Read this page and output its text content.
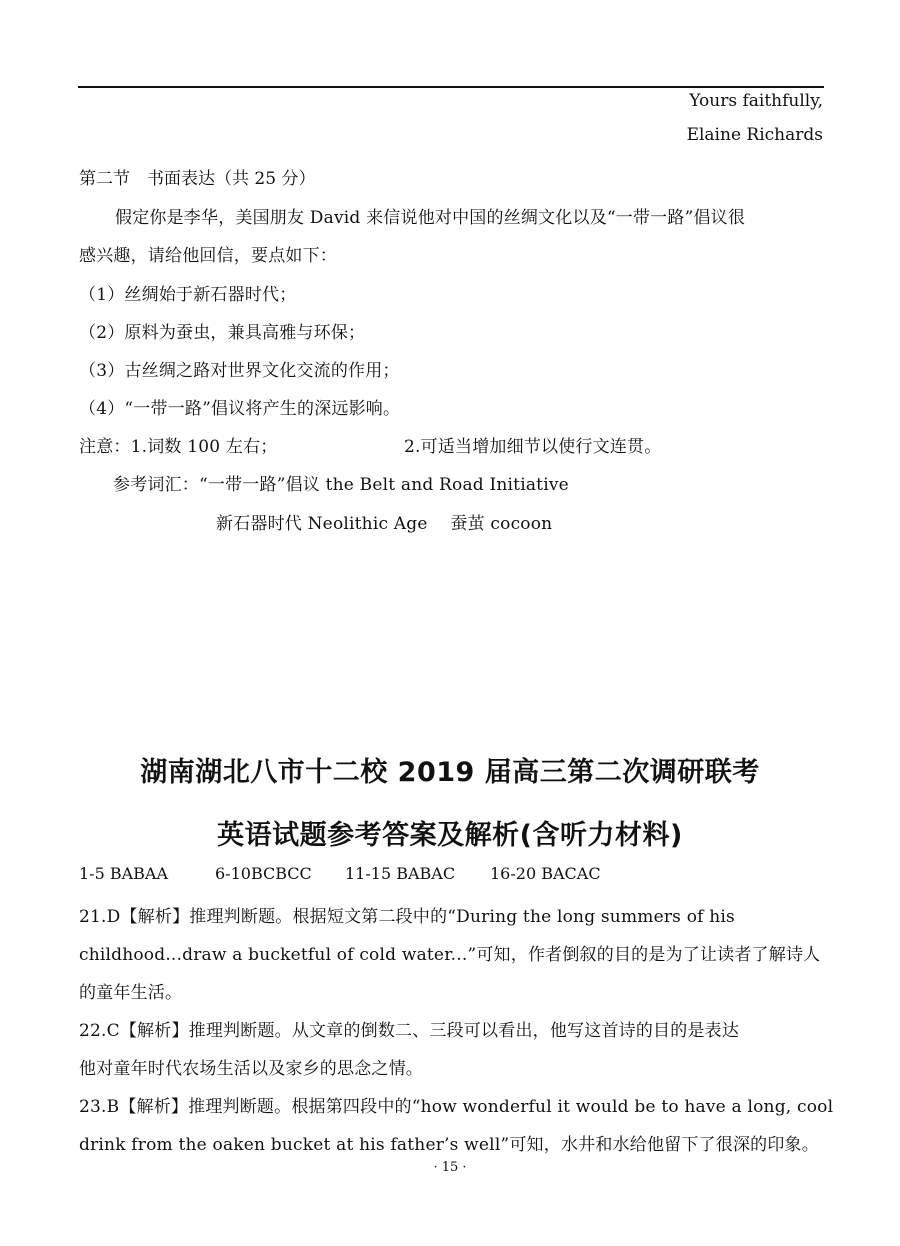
Yours faithfully,
Elaine Richards
第二节　书面表达（共 25 分）
假定你是李华，美国朋友 David 来信说他对中国的丝绸文化以及“一带一路”倡议很
感兴趣，请给他回信，要点如下：
（1）丝绸始于新石器时代；
（2）原料为蚕虫，兼具高雅与环保；
（3）古丝绸之路对世界文化交流的作用；
（4）“一带一路”倡议将产生的深远影响。
注意：1.词数 100 左右；	2.可适当增加细节以使行文连贯。
参考词汇：“一带一路”倡议 the Belt and Road Initiative
新石器时代 Neolithic Age　 蚕茧 cocoon
湖南湖北八市十二校 2019 届高三第二次调研联考
英语试题参考答案及解析(含听力材料)
1-5 BABAA	6-10BCBCC 11-15 BABAC 16-20 BACAC
21.D【解析】推理判断题。根据短文第二段中的“During the long summers of his
childhood...draw a bucketful of cold water...”可知，作者倒叙的目的是为了让读者了解诗人
的童年生活。
22.C【解析】推理判断题。从文章的倒数二、三段可以看出，他写这首诗的目的是表达
他对童年时代农场生活以及家乡的思念之情。
23.B【解析】推理判断题。根据第四段中的“how wonderful it would be to have a long, cool
drink from the oaken bucket at his father’s well”可知，水井和水给他留下了很深的印象。
· 15 ·
